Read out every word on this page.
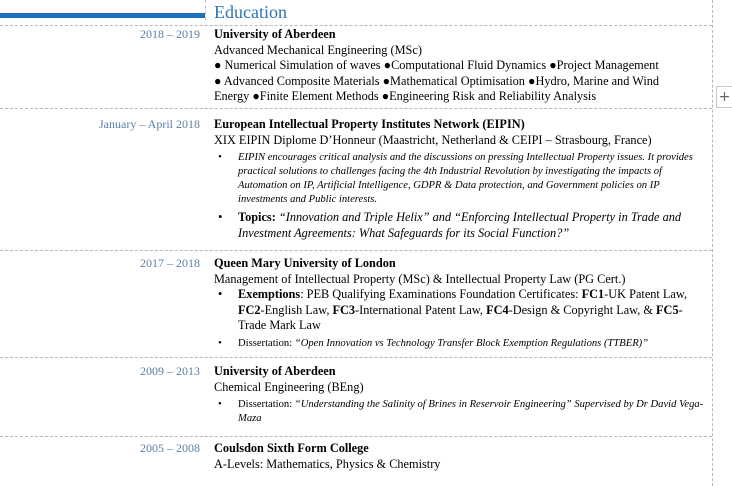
Education
+
2018 – 2019 University of Aberdeen
Advanced Mechanical Engineering (MSc)
● Numerical Simulation of waves ●Computational Fluid Dynamics ●Project Management
● Advanced Composite Materials ●Mathematical Optimisation ●Hydro, Marine and Wind
Energy ●Finite Element Methods ●Engineering Risk and Reliability Analysis
January – April 2018 European Intellectual Property Institutes Network (EIPIN)
XIX EIPIN Diplome D’Honneur (Maastricht, Netherland & CEIPI – Strasbourg, France)
• EIPIN encourages critical analysis and the discussions on pressing Intellectual Property issues. It provides practical solutions to challenges facing the 4th Industrial Revolution by investigating the impacts of Automation on IP, Artificial Intelligence, GDPR & Data protection, and Government policies on IP investments and Public interests.
• Topics: “Innovation and Triple Helix” and “Enforcing Intellectual Property in Trade and Investment Agreements: What Safeguards for its Social Function?”
2017 – 2018 Queen Mary University of London
Management of Intellectual Property (MSc) & Intellectual Property Law (PG Cert.)
• Exemptions: PEB Qualifying Examinations Foundation Certificates: FC1-UK Patent Law, FC2-English Law, FC3-International Patent Law, FC4-Design & Copyright Law, & FC5-Trade Mark Law
• Dissertation: “Open Innovation vs Technology Transfer Block Exemption Regulations (TTBER)”
2009 – 2013 University of Aberdeen
Chemical Engineering (BEng)
• Dissertation: “Understanding the Salinity of Brines in Reservoir Engineering” Supervised by Dr David Vega-Maza
2005 – 2008 Coulsdon Sixth Form College
A-Levels: Mathematics, Physics & Chemistry
